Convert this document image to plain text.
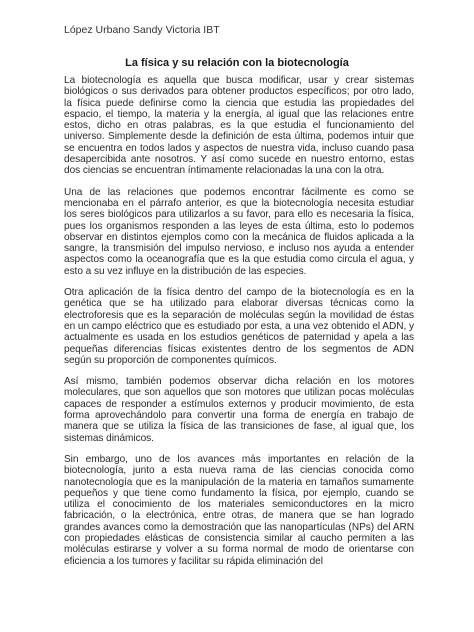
López Urbano Sandy Victoria IBT
La física y su relación con la biotecnología

La biotecnología es aquella que busca modificar, usar y crear sistemas biológicos o sus derivados para obtener productos específicos; por otro lado, la física puede definirse como la ciencia que estudia las propiedades del espacio, el tiempo, la materia y la energía, al igual que las relaciones entre estos, dicho en otras palabras, es la que estudia el funcionamiento del universo. Simplemente desde la definición de esta última, podemos intuir que se encuentra en todos lados y aspectos de nuestra vida, incluso cuando pasa desapercibida ante nosotros. Y así como sucede en nuestro entorno, estas dos ciencias se encuentran íntimamente relacionadas la una con la otra.

Una de las relaciones que podemos encontrar fácilmente es como se mencionaba en el párrafo anterior, es que la biotecnología necesita estudiar los seres biológicos para utilizarlos a su favor, para ello es necesaria la física, pues los organismos responden a las leyes de esta última, esto lo podemos observar en distintos ejemplos como con la mecánica de fluidos aplicada a la sangre, la transmisión del impulso nervioso, e incluso nos ayuda a entender aspectos como la oceanografía que es la que estudia como circula el agua, y esto a su vez influye en la distribución de las especies.

Otra aplicación de la física dentro del campo de la biotecnología es en la genética que se ha utilizado para elaborar diversas técnicas como la electroforesis que es la separación de moléculas según la movilidad de éstas en un campo eléctrico que es estudiado por esta, a una vez obtenido el ADN, y actualmente es usada en los estudios genéticos de paternidad y apela a las pequeñas diferencias físicas existentes dentro de los segmentos de ADN según su proporción de componentes químicos.

Así mismo, también podemos observar dicha relación en los motores moleculares, que son aquellos que son motores que utilizan pocas moléculas capaces de responder a estímulos externos y producir movimiento, de esta forma aprovechándolo para convertir una forma de energía en trabajo de manera que se utiliza la física de las transiciones de fase, al igual que, los sistemas dinámicos.

Sin embargo, uno de los avances más importantes en relación de la biotecnología, junto a esta nueva rama de las ciencias conocida como nanotecnología que es la manipulación de la materia en tamaños sumamente pequeños y que tiene como fundamento la física, por ejemplo, cuando se utiliza el conocimiento de los materiales semiconductores en la micro fabricación, o la electrónica, entre otras, de manera que se han logrado grandes avances como la demostración que las nanopartículas (NPs) del ARN con propiedades elásticas de consistencia similar al caucho permiten a las moléculas estirarse y volver a su forma normal de modo de orientarse con eficiencia a los tumores y facilitar su rápida eliminación del
